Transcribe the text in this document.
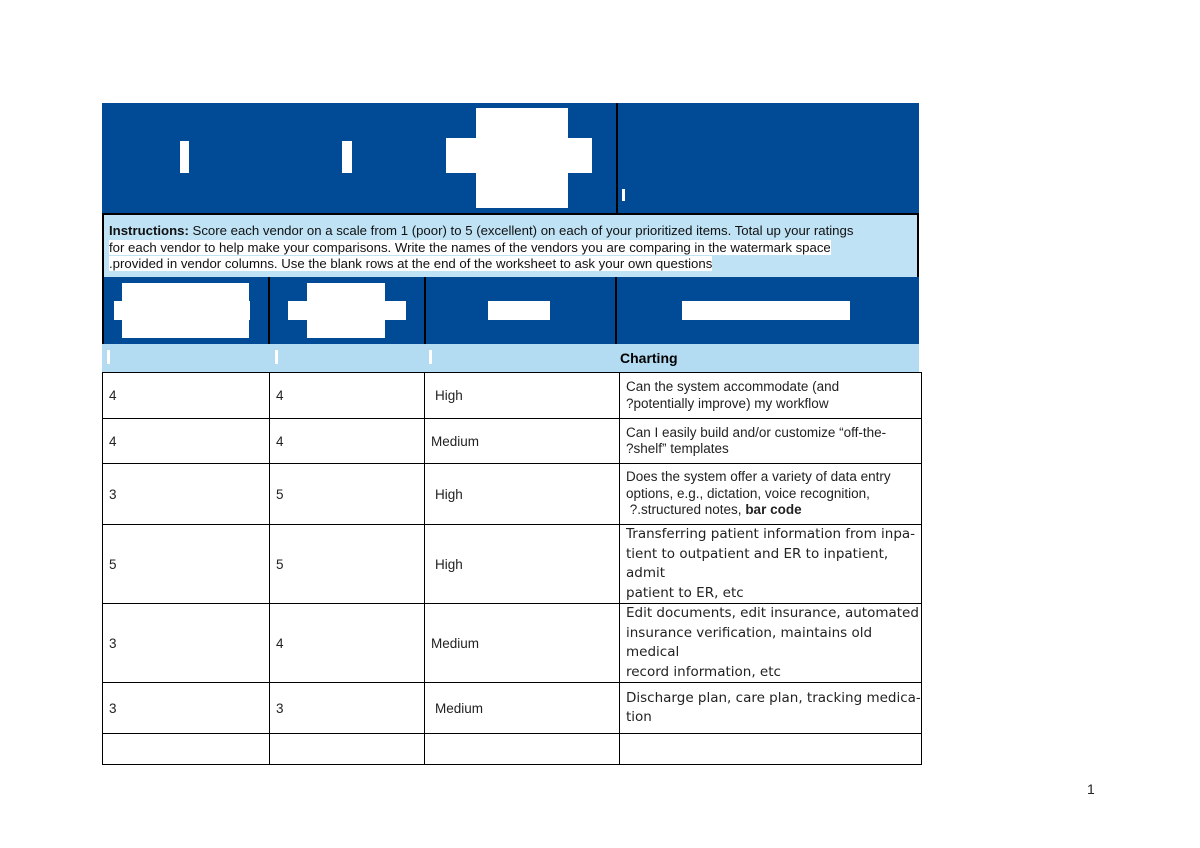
Instructions: Score each vendor on a scale from 1 (poor) to 5 (excellent) on each of your prioritized items. Total up your ratings
for each vendor to help make your comparisons. Write the names of the vendors you are comparing in the watermark space
.provided in vendor columns. Use the blank rows at the end of the worksheet to ask your own questions
Charting
4	4	High	Can the system accommodate (and
?potentially improve) my workflow

4	4	Medium	Can I easily build and/or customize “off-the-
?shelf” templates

3	5	High	Does the system offer a variety of data entry
options, e.g., dictation, voice recognition,
?.structured notes, bar code

5	5	High	Transferring patient information from inpa-
tient to outpatient and ER to inpatient, admit
patient to ER, etc

3	4	Medium	Edit documents, edit insurance, automated
insurance verification, maintains old medical
record information, etc

3	3	Medium	Discharge plan, care plan, tracking medica-
tion

1
